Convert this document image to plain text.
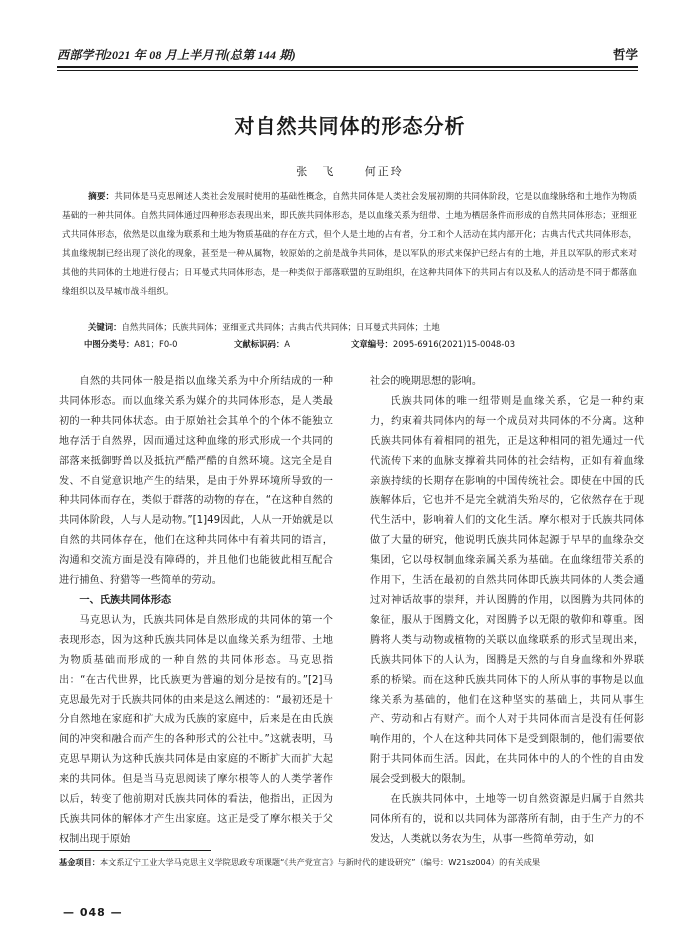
西部学刊2021 年 08 月上半月刊(总第 144 期)	哲学
对自然共同体的形态分析
张　飞	何正玲
摘要：共同体是马克思阐述人类社会发展时使用的基础性概念，自然共同体是人类社会发展初期的共同体阶段，它是以血缘脉络和土地作为物质基础的一种共同体。自然共同体通过四种形态表现出来，即氏族共同体形态，是以血缘关系为纽带、土地为栖居条件而形成的自然共同体形态；亚细亚式共同体形态，依然是以血缘为联系和土地为物质基础的存在方式，但个人是土地的占有者，分工和个人活动在其内部开化；古典古代式共同体形态，其血缘规制已经出现了淡化的现象，甚至是一种从属物，较原始的之前是战争共同体，是以军队的形式来保护已经占有的土地，并且以军队的形式来对其他的共同体的土地进行侵占；日耳曼式共同体形态，是一种类似于部落联盟的互助组织，在这种共同体下的共同占有以及私人的活动是不同于都落血缘组织以及早城市战斗组织。
关键词：自然共同体；氏族共同体；亚细亚式共同体；古典古代共同体；日耳曼式共同体；土地
中图分类号：A81；F0-0	文献标识码：A	文章编号：2095-6916(2021)15-0048-03

自然的共同体一般是指以血缘关系为中介所结成的一种共同体形态。而以血缘关系为媒介的共同体形态，是人类最初的一种共同体状态。由于原始社会其单个的个体不能独立地存活于自然界，因而通过这种血缘的形式形成一个共同的部落来抵御野兽以及抵抗严酷严酷的自然环境。这完全是自发、不自觉意识地产生的结果，是由于外界环境所导致的一种共同体而存在，类似于群落的动物的存在，“在这种自然的共同体阶段，人与人是动物。”[1]49因此，人从一开始就是以自然的共同体存在，他们在这种共同体中有着共同的语言，沟通和交流方面是没有障碍的，并且他们也能彼此相互配合进行捕鱼、狩猎等一些简单的劳动。

一、氏族共同体形态

马克思认为，氏族共同体是自然形成的共同体的第一个表现形态，因为这种氏族共同体是以血缘关系为纽带、土地为物质基础而形成的一种自然的共同体形态。马克思指出：“在古代世界，比氏族更为普遍的划分是按有的。”[2]马克思最先对于氏族共同体的由来是这么阐述的：“最初还是十分自然地在家庭和扩大成为氏族的家庭中，后来是在由氏族间的冲突和融合而产生的各种形式的公社中。”这就表明，马克思早期认为这种氏族共同体是由家庭的不断扩大而扩大起来的共同体。但是当马克思阅读了摩尔根等人的人类学著作以后，转变了他前期对氏族共同体的看法，他指出，正因为氏族共同体的解体才产生出家庭。这正是受了摩尔根关于父权制出现于原始

社会的晚期思想的影响。

氏族共同体的唯一纽带则是血缘关系，它是一种约束力，约束着共同体内的每一个成员对共同体的不分离。这种氏族共同体有着相同的祖先，正是这种相同的祖先通过一代代流传下来的血脉支撑着共同体的社会结构，正如有着血缘亲族持续的长期存在影响的中国传统社会。即使在中国的氏族解体后，它也并不是完全就消失殆尽的，它依然存在于现代生活中，影响着人们的文化生活。摩尔根对于氏族共同体做了大量的研究，他说明氏族共同体起源于早早的血缘杂交集团，它以母权制血缘亲属关系为基础。在血缘纽带关系的作用下，生活在最初的自然共同体即氏族共同体的人类会通过对神话故事的崇拜，并认图腾的作用，以图腾为共同体的象征，服从于图腾文化，对图腾予以无限的敬仰和尊重。图腾将人类与动物或植物的关联以血缘联系的形式呈现出来，氏族共同体下的人认为，图腾是天然的与自身血缘和外界联系的桥梁。而在这种氏族共同体下的人所从事的事物是以血缘关系为基础的，他们在这种坚实的基础上，共同从事生产、劳动和占有财产。而个人对于共同体而言是没有任何影响作用的，个人在这种共同体下是受到限制的，他们需要依附于共同体而生活。因此，在共同体中的人的个性的自由发展会受到极大的限制。

在氏族共同体中，土地等一切自然资源是归属于自然共同体所有的，说和以共同体为部落所有制，由于生产力的不发达，人类就以务农为生，从事一些简单劳动，如

基金项目：本文系辽宁工业大学马克思主义学院思政专项课题“《共产党宣言》与新时代的建设研究”（编号：W21sz004）的有关成果
— 048 —
